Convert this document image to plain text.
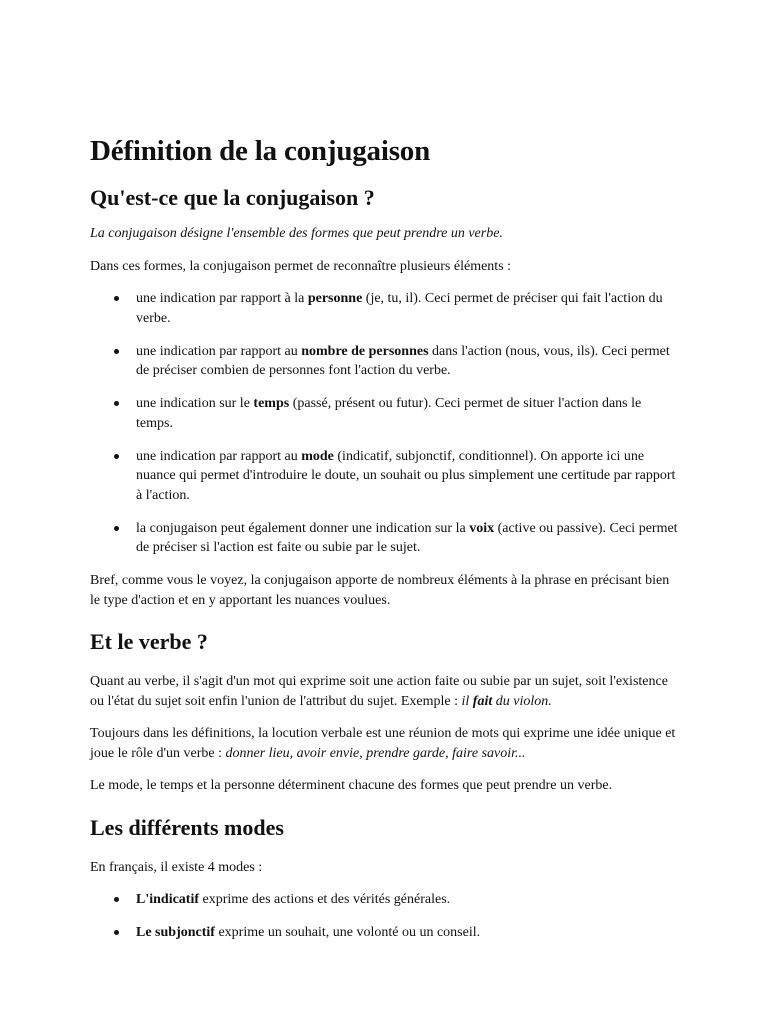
Définition de la conjugaison
Qu'est-ce que la conjugaison ?

La conjugaison désigne l'ensemble des formes que peut prendre un verbe.

Dans ces formes, la conjugaison permet de reconnaître plusieurs éléments :

une indication par rapport à la personne (je, tu, il). Ceci permet de préciser qui fait l'action du verbe.
une indication par rapport au nombre de personnes dans l'action (nous, vous, ils). Ceci permet de préciser combien de personnes font l'action du verbe.
une indication sur le temps (passé, présent ou futur). Ceci permet de situer l'action dans le temps.
une indication par rapport au mode (indicatif, subjonctif, conditionnel). On apporte ici une nuance qui permet d'introduire le doute, un souhait ou plus simplement une certitude par rapport à l'action.
la conjugaison peut également donner une indication sur la voix (active ou passive). Ceci permet de préciser si l'action est faite ou subie par le sujet.

Bref, comme vous le voyez, la conjugaison apporte de nombreux éléments à la phrase en précisant bien le type d'action et en y apportant les nuances voulues.

Et le verbe ?

Quant au verbe, il s'agit d'un mot qui exprime soit une action faite ou subie par un sujet, soit l'existence ou l'état du sujet soit enfin l'union de l'attribut du sujet. Exemple : il fait du violon.

Toujours dans les définitions, la locution verbale est une réunion de mots qui exprime une idée unique et joue le rôle d'un verbe : donner lieu, avoir envie, prendre garde, faire savoir...

Le mode, le temps et la personne déterminent chacune des formes que peut prendre un verbe.

Les différents modes

En français, il existe 4 modes :

L'indicatif exprime des actions et des vérités générales.
Le subjonctif exprime un souhait, une volonté ou un conseil.
